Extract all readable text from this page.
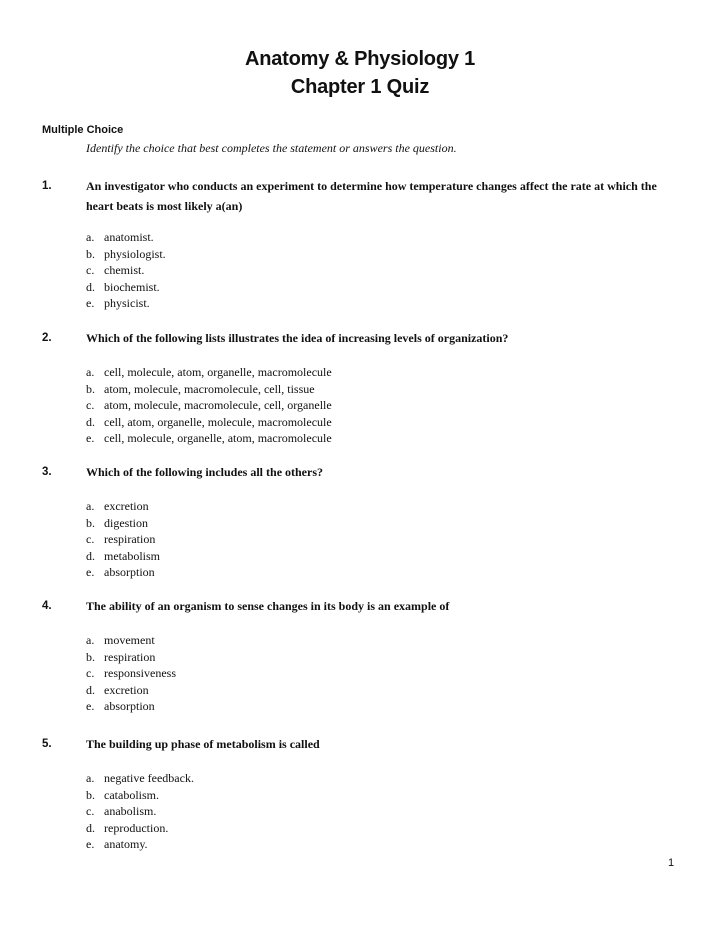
Anatomy & Physiology 1
Chapter 1 Quiz
Multiple Choice
Identify the choice that best completes the statement or answers the question.
1.	An investigator who conducts an experiment to determine how temperature changes affect the rate at which the heart beats is most likely a(an)
a. anatomist.
b. physiologist.
c. chemist.
d. biochemist.
e. physicist.
2.	Which of the following lists illustrates the idea of increasing levels of organization?
a. cell, molecule, atom, organelle, macromolecule
b. atom, molecule, macromolecule, cell, tissue
c. atom, molecule, macromolecule, cell, organelle
d. cell, atom, organelle, molecule, macromolecule
e. cell, molecule, organelle, atom, macromolecule
3.	Which of the following includes all the others?
a. excretion
b. digestion
c. respiration
d. metabolism
e. absorption
4.	The ability of an organism to sense changes in its body is an example of
a. movement
b. respiration
c. responsiveness
d. excretion
e. absorption
5.	The building up phase of metabolism is called
a. negative feedback.
b. catabolism.
c. anabolism.
d. reproduction.
e. anatomy.
1
